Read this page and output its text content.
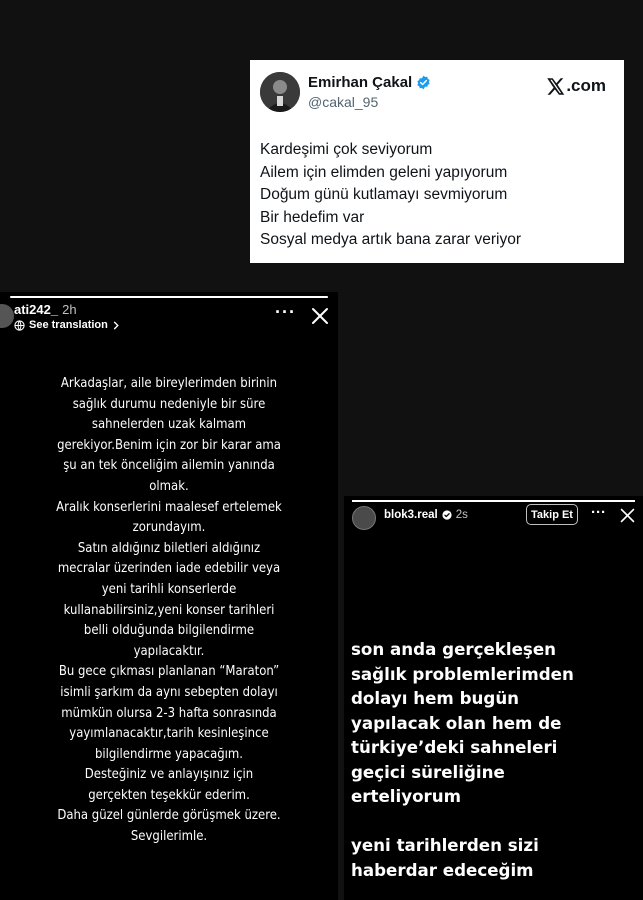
Emirhan Çakal
@cakal_95
.com
Kardeşimi çok seviyorum
Ailem için elimden geleni yapıyorum
Doğum günü kutlamayı sevmiyorum
Bir hedefim var
Sosyal medya artık bana zarar veriyor
ati242_ 2h
See translation
···
Arkadaşlar, aile bireylerimden birinin
sağlık durumu nedeniyle bir süre
sahnelerden uzak kalmam
gerekiyor.Benim için zor bir karar ama
şu an tek önceliğim ailemin yanında
olmak.
Aralık konserlerini maalesef ertelemek
zorundayım.
Satın aldığınız biletleri aldığınız
mecralar üzerinden iade edebilir veya
yeni tarihli konserlerde
kullanabilirsiniz,yeni konser tarihleri
belli olduğunda bilgilendirme
yapılacaktır.
Bu gece çıkması planlanan “Maraton”
isimli şarkım da aynı sebepten dolayı
mümkün olursa 2-3 hafta sonrasında
yayımlanacaktır,tarih kesinleşince
bilgilendirme yapacağım.
Desteğiniz ve anlayışınız için
gerçekten teşekkür ederim.
Daha güzel günlerde görüşmek üzere.
Sevgilerimle.
blok3.real 2s	Takip Et	···
son anda gerçekleşen
sağlık problemlerimden
dolayı hem bugün
yapılacak olan hem de
türkiye’deki sahneleri
geçici süreliğine
erteliyorum
yeni tarihlerden sizi
haberdar edeceğim
